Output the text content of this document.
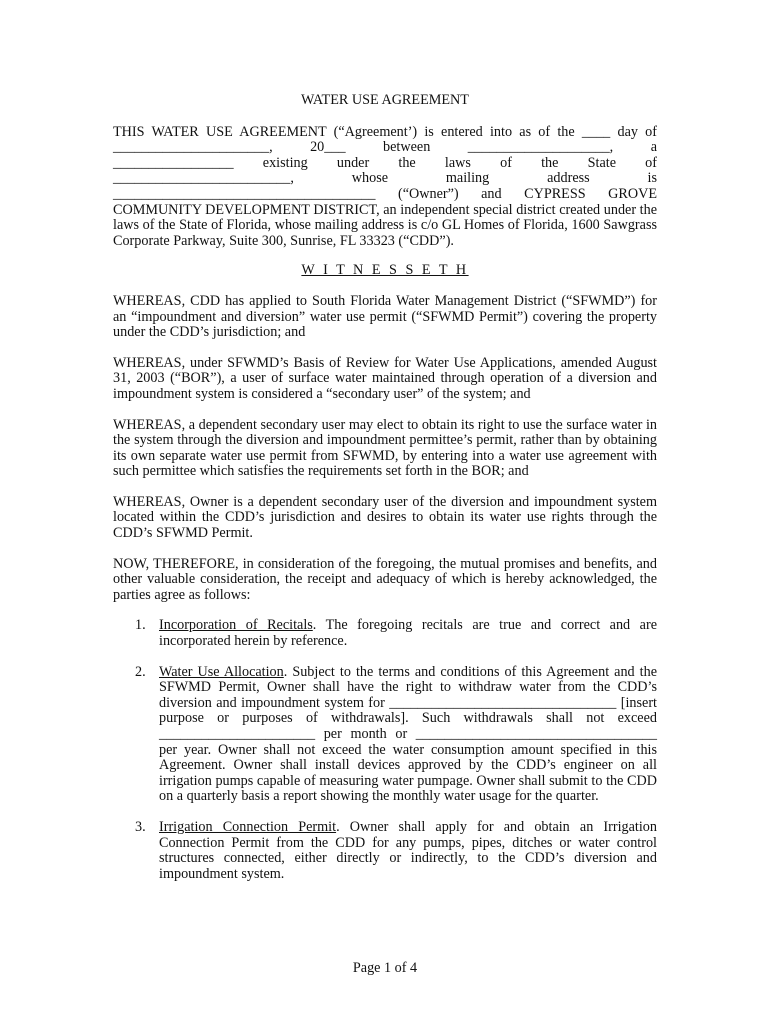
WATER USE AGREEMENT
THIS WATER USE AGREEMENT (“Agreement’) is entered into as of the ____ day of
______________________, 20___ between ____________________, a
_________________ existing under the laws of the State of
_________________________, whose mailing address is
_____________________________________ (“Owner”) and CYPRESS GROVE
COMMUNITY DEVELOPMENT DISTRICT, an independent special district created under the laws of the State of Florida, whose mailing address is c/o GL Homes of Florida, 1600 Sawgrass Corporate Parkway, Suite 300, Sunrise, FL 33323 (“CDD”).
W I T N E S S E T H

WHEREAS, CDD has applied to South Florida Water Management District (“SFWMD”) for an “impoundment and diversion” water use permit (“SFWMD Permit”) covering the property under the CDD’s jurisdiction; and

WHEREAS, under SFWMD’s Basis of Review for Water Use Applications, amended August 31, 2003 (“BOR”), a user of surface water maintained through operation of a diversion and impoundment system is considered a “secondary user” of the system; and

WHEREAS, a dependent secondary user may elect to obtain its right to use the surface water in the system through the diversion and impoundment permittee’s permit, rather than by obtaining its own separate water use permit from SFWMD, by entering into a water use agreement with such permittee which satisfies the requirements set forth in the BOR; and

WHEREAS, Owner is a dependent secondary user of the diversion and impoundment system located within the CDD’s jurisdiction and desires to obtain its water use rights through the CDD’s SFWMD Permit.

NOW, THEREFORE, in consideration of the foregoing, the mutual promises and benefits, and other valuable consideration, the receipt and adequacy of which is hereby acknowledged, the parties agree as follows:

1. Incorporation of Recitals. The foregoing recitals are true and correct and are incorporated herein by reference.
2. Water Use Allocation. Subject to the terms and conditions of this Agreement and the SFWMD Permit, Owner shall have the right to withdraw water from the CDD’s diversion and impoundment system for ________________________________ [insert purpose or purposes of withdrawals]. Such withdrawals shall not exceed ______________________ per month or __________________________________ per year. Owner shall not exceed the water consumption amount specified in this Agreement. Owner shall install devices approved by the CDD’s engineer on all irrigation pumps capable of measuring water pumpage. Owner shall submit to the CDD on a quarterly basis a report showing the monthly water usage for the quarter.
3. Irrigation Connection Permit. Owner shall apply for and obtain an Irrigation Connection Permit from the CDD for any pumps, pipes, ditches or water control structures connected, either directly or indirectly, to the CDD’s diversion and impoundment system.
Page 1 of 4
